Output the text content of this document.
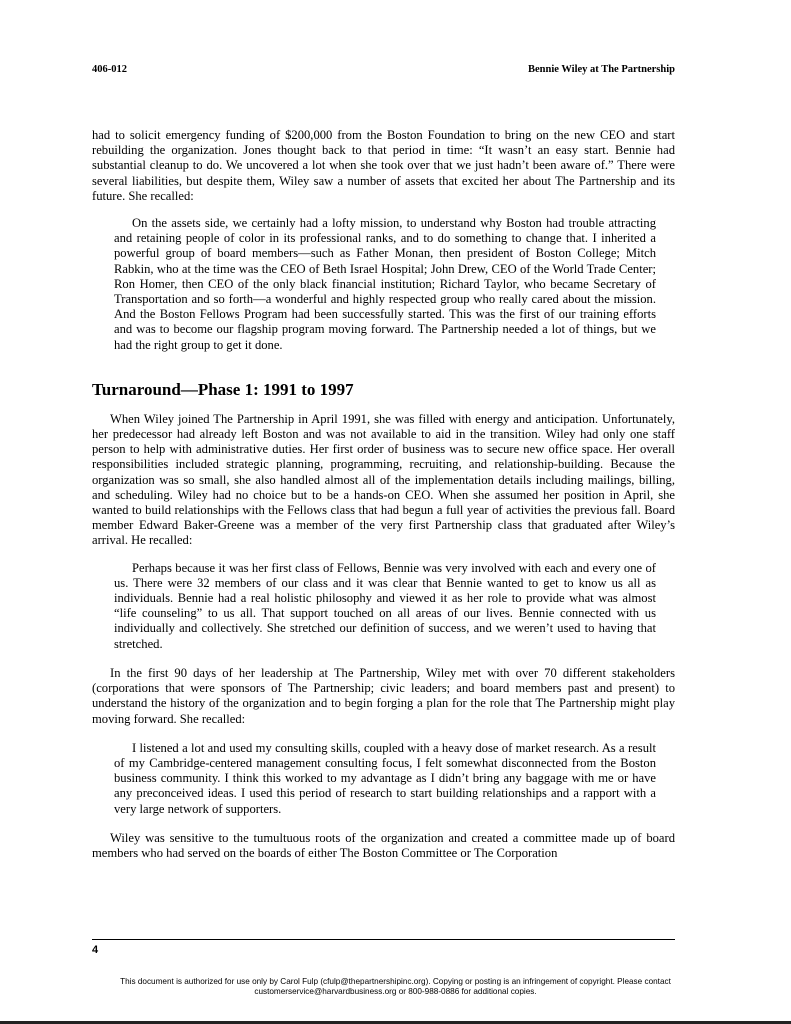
406-012	Bennie Wiley at The Partnership

had to solicit emergency funding of $200,000 from the Boston Foundation to bring on the new CEO and start rebuilding the organization. Jones thought back to that period in time: “It wasn’t an easy start. Bennie had substantial cleanup to do. We uncovered a lot when she took over that we just hadn’t been aware of.” There were several liabilities, but despite them, Wiley saw a number of assets that excited her about The Partnership and its future. She recalled:

On the assets side, we certainly had a lofty mission, to understand why Boston had trouble attracting and retaining people of color in its professional ranks, and to do something to change that. I inherited a powerful group of board members—such as Father Monan, then president of Boston College; Mitch Rabkin, who at the time was the CEO of Beth Israel Hospital; John Drew, CEO of the World Trade Center; Ron Homer, then CEO of the only black financial institution; Richard Taylor, who became Secretary of Transportation and so forth—a wonderful and highly respected group who really cared about the mission. And the Boston Fellows Program had been successfully started. This was the first of our training efforts and was to become our flagship program moving forward. The Partnership needed a lot of things, but we had the right group to get it done.

Turnaround—Phase 1: 1991 to 1997

When Wiley joined The Partnership in April 1991, she was filled with energy and anticipation. Unfortunately, her predecessor had already left Boston and was not available to aid in the transition. Wiley had only one staff person to help with administrative duties. Her first order of business was to secure new office space. Her overall responsibilities included strategic planning, programming, recruiting, and relationship-building. Because the organization was so small, she also handled almost all of the implementation details including mailings, billing, and scheduling. Wiley had no choice but to be a hands-on CEO. When she assumed her position in April, she wanted to build relationships with the Fellows class that had begun a full year of activities the previous fall. Board member Edward Baker-Greene was a member of the very first Partnership class that graduated after Wiley’s arrival. He recalled:

Perhaps because it was her first class of Fellows, Bennie was very involved with each and every one of us. There were 32 members of our class and it was clear that Bennie wanted to get to know us all as individuals. Bennie had a real holistic philosophy and viewed it as her role to provide what was almost “life counseling” to us all. That support touched on all areas of our lives. Bennie connected with us individually and collectively. She stretched our definition of success, and we weren’t used to having that stretched.

In the first 90 days of her leadership at The Partnership, Wiley met with over 70 different stakeholders (corporations that were sponsors of The Partnership; civic leaders; and board members past and present) to understand the history of the organization and to begin forging a plan for the role that The Partnership might play moving forward. She recalled:

I listened a lot and used my consulting skills, coupled with a heavy dose of market research. As a result of my Cambridge-centered management consulting focus, I felt somewhat disconnected from the Boston business community. I think this worked to my advantage as I didn’t bring any baggage with me or have any preconceived ideas. I used this period of research to start building relationships and a rapport with a very large network of supporters.

Wiley was sensitive to the tumultuous roots of the organization and created a committee made up of board members who had served on the boards of either The Boston Committee or The Corporation

4
This document is authorized for use only by Carol Fulp (cfulp@thepartnershipinc.org). Copying or posting is an infringement of copyright. Please contact
customerservice@harvardbusiness.org or 800-988-0886 for additional copies.
